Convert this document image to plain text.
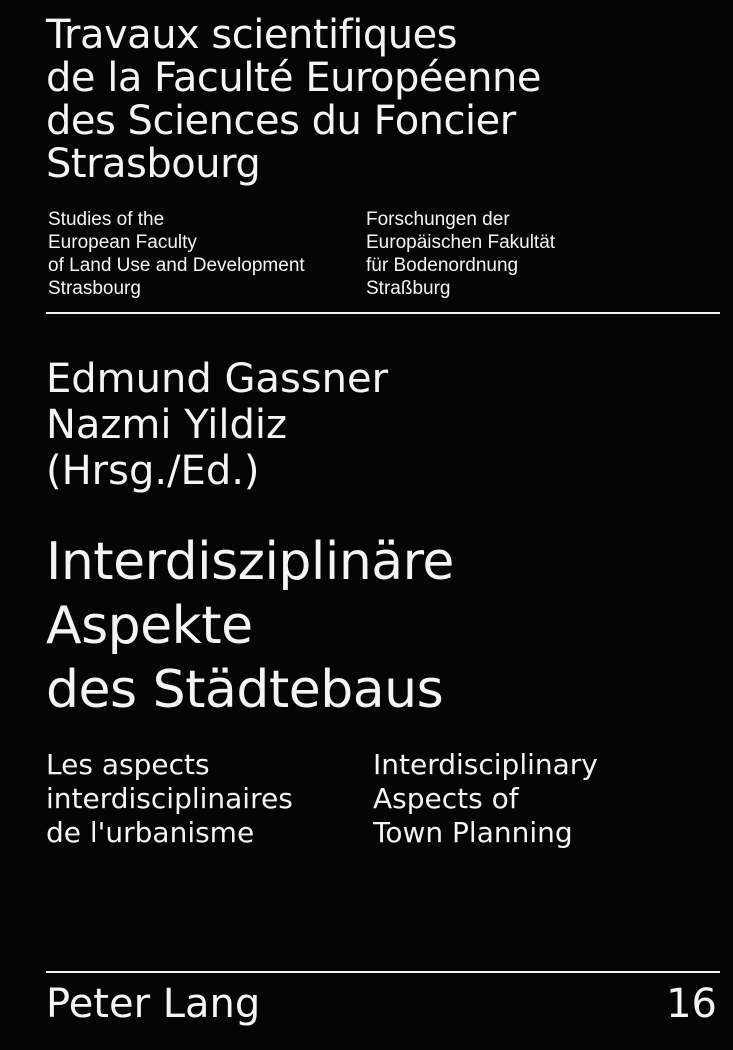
Travaux scientifiques
de la Faculté Européenne
des Sciences du Foncier
Strasbourg
Studies of the
European Faculty
of Land Use and Development
Strasbourg
Forschungen der
Europäischen Fakultät
für Bodenordnung
Straßburg
Edmund Gassner
Nazmi Yildiz
(Hrsg./Ed.)
Interdisziplinäre
Aspekte
des Städtebaus
Les aspects
interdisciplinaires
de l'urbanisme
Interdisciplinary
Aspects of
Town Planning
Peter Lang	16
